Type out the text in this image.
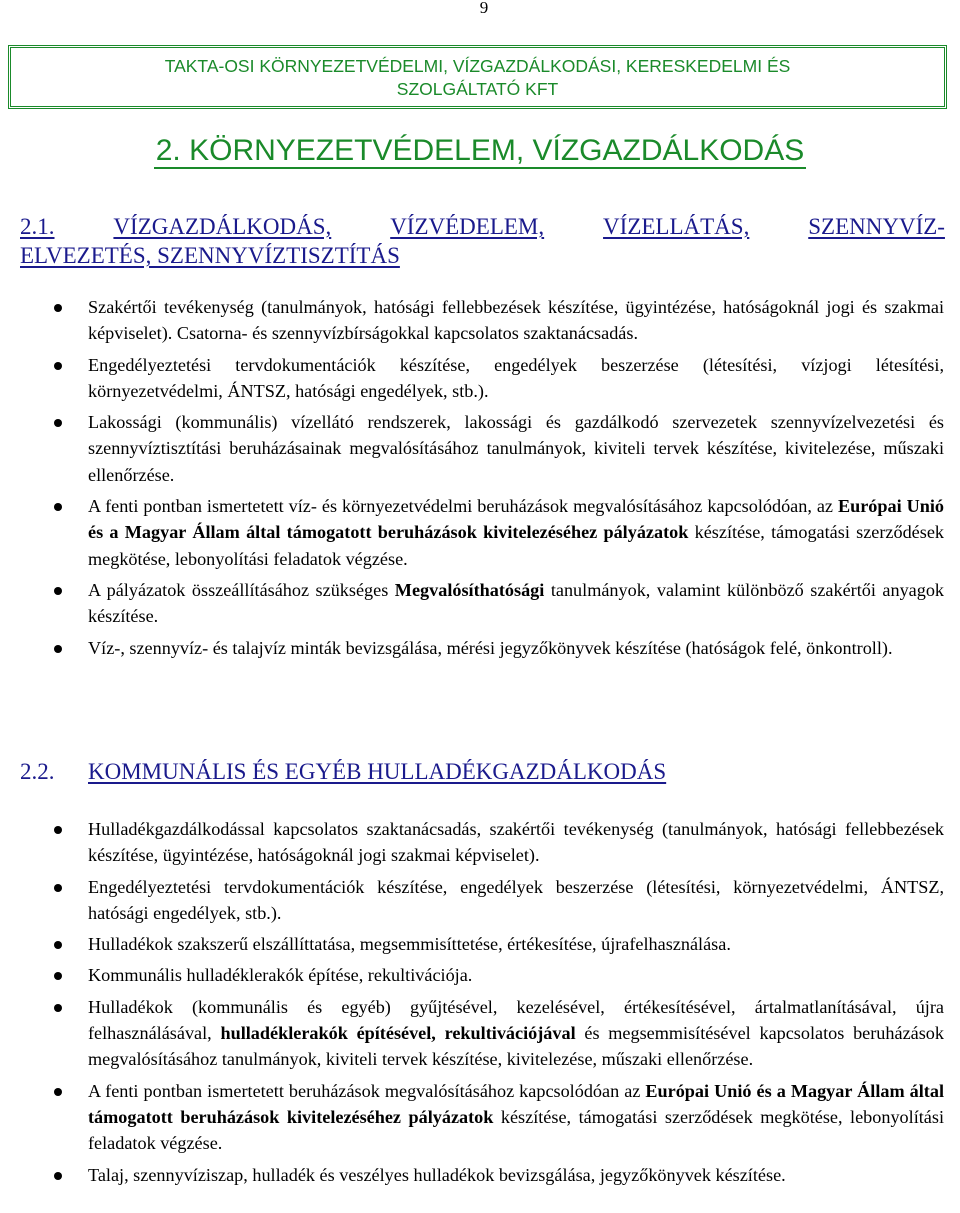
9
TAKTA-OSI KÖRNYEZETVÉDELMI, VÍZGAZDÁLKODÁSI, KERESKEDELMI ÉS
SZOLGÁLTATÓ KFT
2. KÖRNYEZETVÉDELEM, VÍZGAZDÁLKODÁS
2.1.	VÍZGAZDÁLKODÁS,	VÍZVÉDELEM,	VÍZELLÁTÁS,	SZENNYVÍZ-
ELVEZETÉS, SZENNYVÍZTISZTÍTÁS
Szakértői tevékenység (tanulmányok, hatósági fellebbezések készítése, ügyintézése, hatóságoknál jogi és szakmai képviselet). Csatorna- és szennyvízbírságokkal kapcsolatos szaktanácsadás.
Engedélyeztetési tervdokumentációk készítése, engedélyek beszerzése (létesítési, vízjogi létesítési, környezetvédelmi, ÁNTSZ, hatósági engedélyek, stb.).
Lakossági (kommunális) vízellátó rendszerek, lakossági és gazdálkodó szervezetek szennyvízelvezetési és szennyvíztisztítási beruházásainak megvalósításához tanulmányok, kiviteli tervek készítése, kivitelezése, műszaki ellenőrzése.
A fenti pontban ismertetett víz- és környezetvédelmi beruházások megvalósításához kapcsolódóan, az Európai Unió és a Magyar Állam által támogatott beruházások kivitelezéséhez pályázatok készítése, támogatási szerződések megkötése, lebonyolítási feladatok végzése.
A pályázatok összeállításához szükséges Megvalósíthatósági tanulmányok, valamint különböző szakértői anyagok készítése.
Víz-, szennyvíz- és talajvíz minták bevizsgálása, mérési jegyzőkönyvek készítése (hatóságok felé, önkontroll).
2.2. KOMMUNÁLIS ÉS EGYÉB HULLADÉKGAZDÁLKODÁS
Hulladékgazdálkodással kapcsolatos szaktanácsadás, szakértői tevékenység (tanulmányok, hatósági fellebbezések készítése, ügyintézése, hatóságoknál jogi szakmai képviselet).
Engedélyeztetési tervdokumentációk készítése, engedélyek beszerzése (létesítési, környezetvédelmi, ÁNTSZ, hatósági engedélyek, stb.).
Hulladékok szakszerű elszállíttatása, megsemmisíttetése, értékesítése, újrafelhasználása.
Kommunális hulladéklerakók építése, rekultivációja.
Hulladékok (kommunális és egyéb) gyűjtésével, kezelésével, értékesítésével, ártalmatlanításával, újra felhasználásával, hulladéklerakók építésével, rekultivációjával és megsemmisítésével kapcsolatos beruházások megvalósításához tanulmányok, kiviteli tervek készítése, kivitelezése, műszaki ellenőrzése.
A fenti pontban ismertetett beruházások megvalósításához kapcsolódóan az Európai Unió és a Magyar Állam által támogatott beruházások kivitelezéséhez pályázatok készítése, támogatási szerződések megkötése, lebonyolítási feladatok végzése.
Talaj, szennyvíziszap, hulladék és veszélyes hulladékok bevizsgálása, jegyzőkönyvek készítése.
